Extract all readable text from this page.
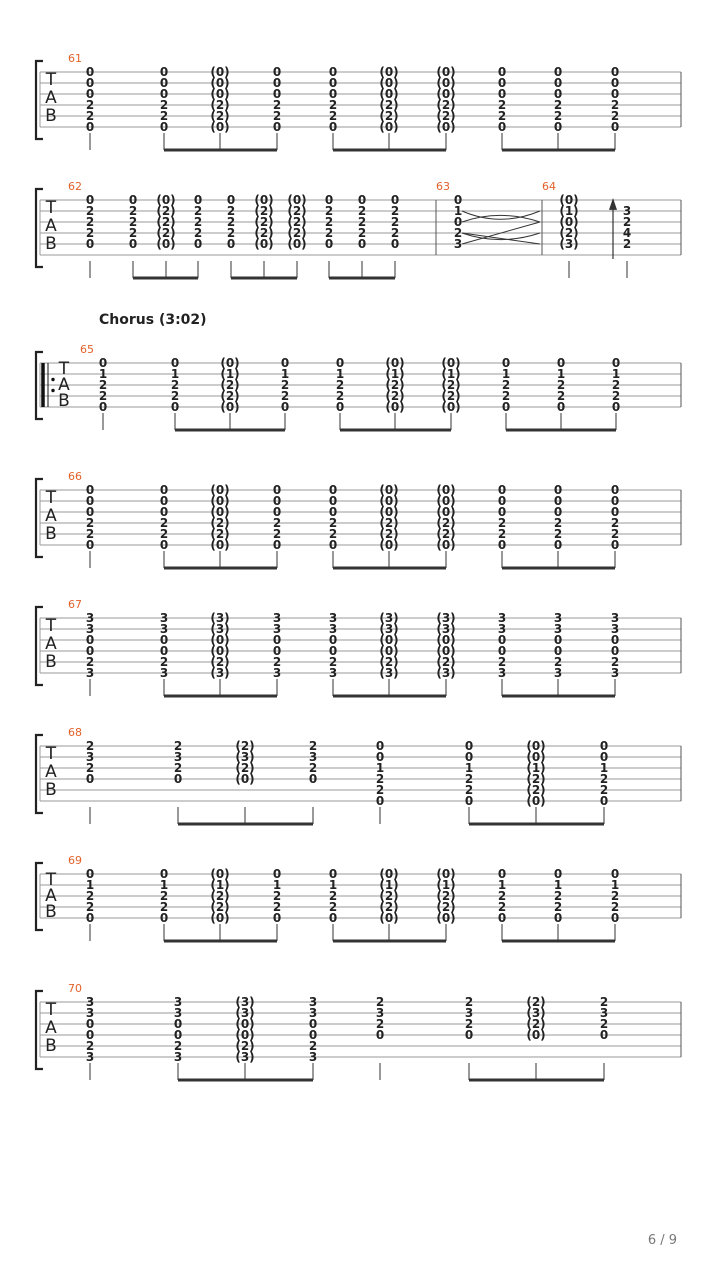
T
A
B
61
0
0
0
2
2
0
0
0
0
2
2
0
(0)
(0)
(0)
(2)
(2)
(0)
0
0
0
2
2
0
0
0
0
2
2
0
(0)
(0)
(0)
(2)
(2)
(0)
(0)
(0)
(0)
(2)
(2)
(0)
0
0
0
2
2
0
0
0
0
2
2
0
0
0
0
2
2
0
T
A
B
62	63	64
0
2
2
2
0
0
2
2
2
0
(0)
(2)
(2)
(2)
(0)
0
2
2
2
0
0
2
2
2
0
(0)
(2)
(2)
(2)
(0)
(0)
(2)
(2)
(2)
(0)
0
2
2
2
0
0
2
2
2
0
0
2
2
2
0
0
1
0
2
3
(0)
(1)
(0)
(2)
(3)
3
2
4
2
T
A
B
65
0
1
2
2
0
0
1
2
2
0
(0)
(1)
(2)
(2)
(0)
0
1
2
2
0
0
1
2
2
0
(0)
(1)
(2)
(2)
(0)
(0)
(1)
(2)
(2)
(0)
0
1
2
2
0
0
1
2
2
0
0
1
2
2
0
T
A
B
66
0
0
0
2
2
0
0
0
0
2
2
0
(0)
(0)
(0)
(2)
(2)
(0)
0
0
0
2
2
0
0
0
0
2
2
0
(0)
(0)
(0)
(2)
(2)
(0)
(0)
(0)
(0)
(2)
(2)
(0)
0
0
0
2
2
0
0
0
0
2
2
0
0
0
0
2
2
0
T
A
B
67
3
3
0
0
2
3
3
3
0
0
2
3
(3)
(3)
(0)
(0)
(2)
(3)
3
3
0
0
2
3
3
3
0
0
2
3
(3)
(3)
(0)
(0)
(2)
(3)
(3)
(3)
(0)
(0)
(2)
(3)
3
3
0
0
2
3
3
3
0
0
2
3
3
3
0
0
2
3
T
A
B
68
2
3
2
0
2
3
2
0
(2)
(3)
(2)
(0)
2
3
2
0
0
0
1
2
2
0
0
0
1
2
2
0
(0)
(0)
(1)
(2)
(2)
(0)
0
0
1
2
2
0
T
A
B
69
0
1
2
2
0
0
1
2
2
0
(0)
(1)
(2)
(2)
(0)
0
1
2
2
0
0
1
2
2
0
(0)
(1)
(2)
(2)
(0)
(0)
(1)
(2)
(2)
(0)
0
1
2
2
0
0
1
2
2
0
0
1
2
2
0
T
A
B
70
3
3
0
0
2
3
3
3
0
0
2
3
(3)
(3)
(0)
(0)
(2)
(3)
3
3
0
0
2
3
2
3
2
0
2
3
2
0
(2)
(3)
(2)
(0)
2
3
2
0
Chorus (3:02)
6 / 9
